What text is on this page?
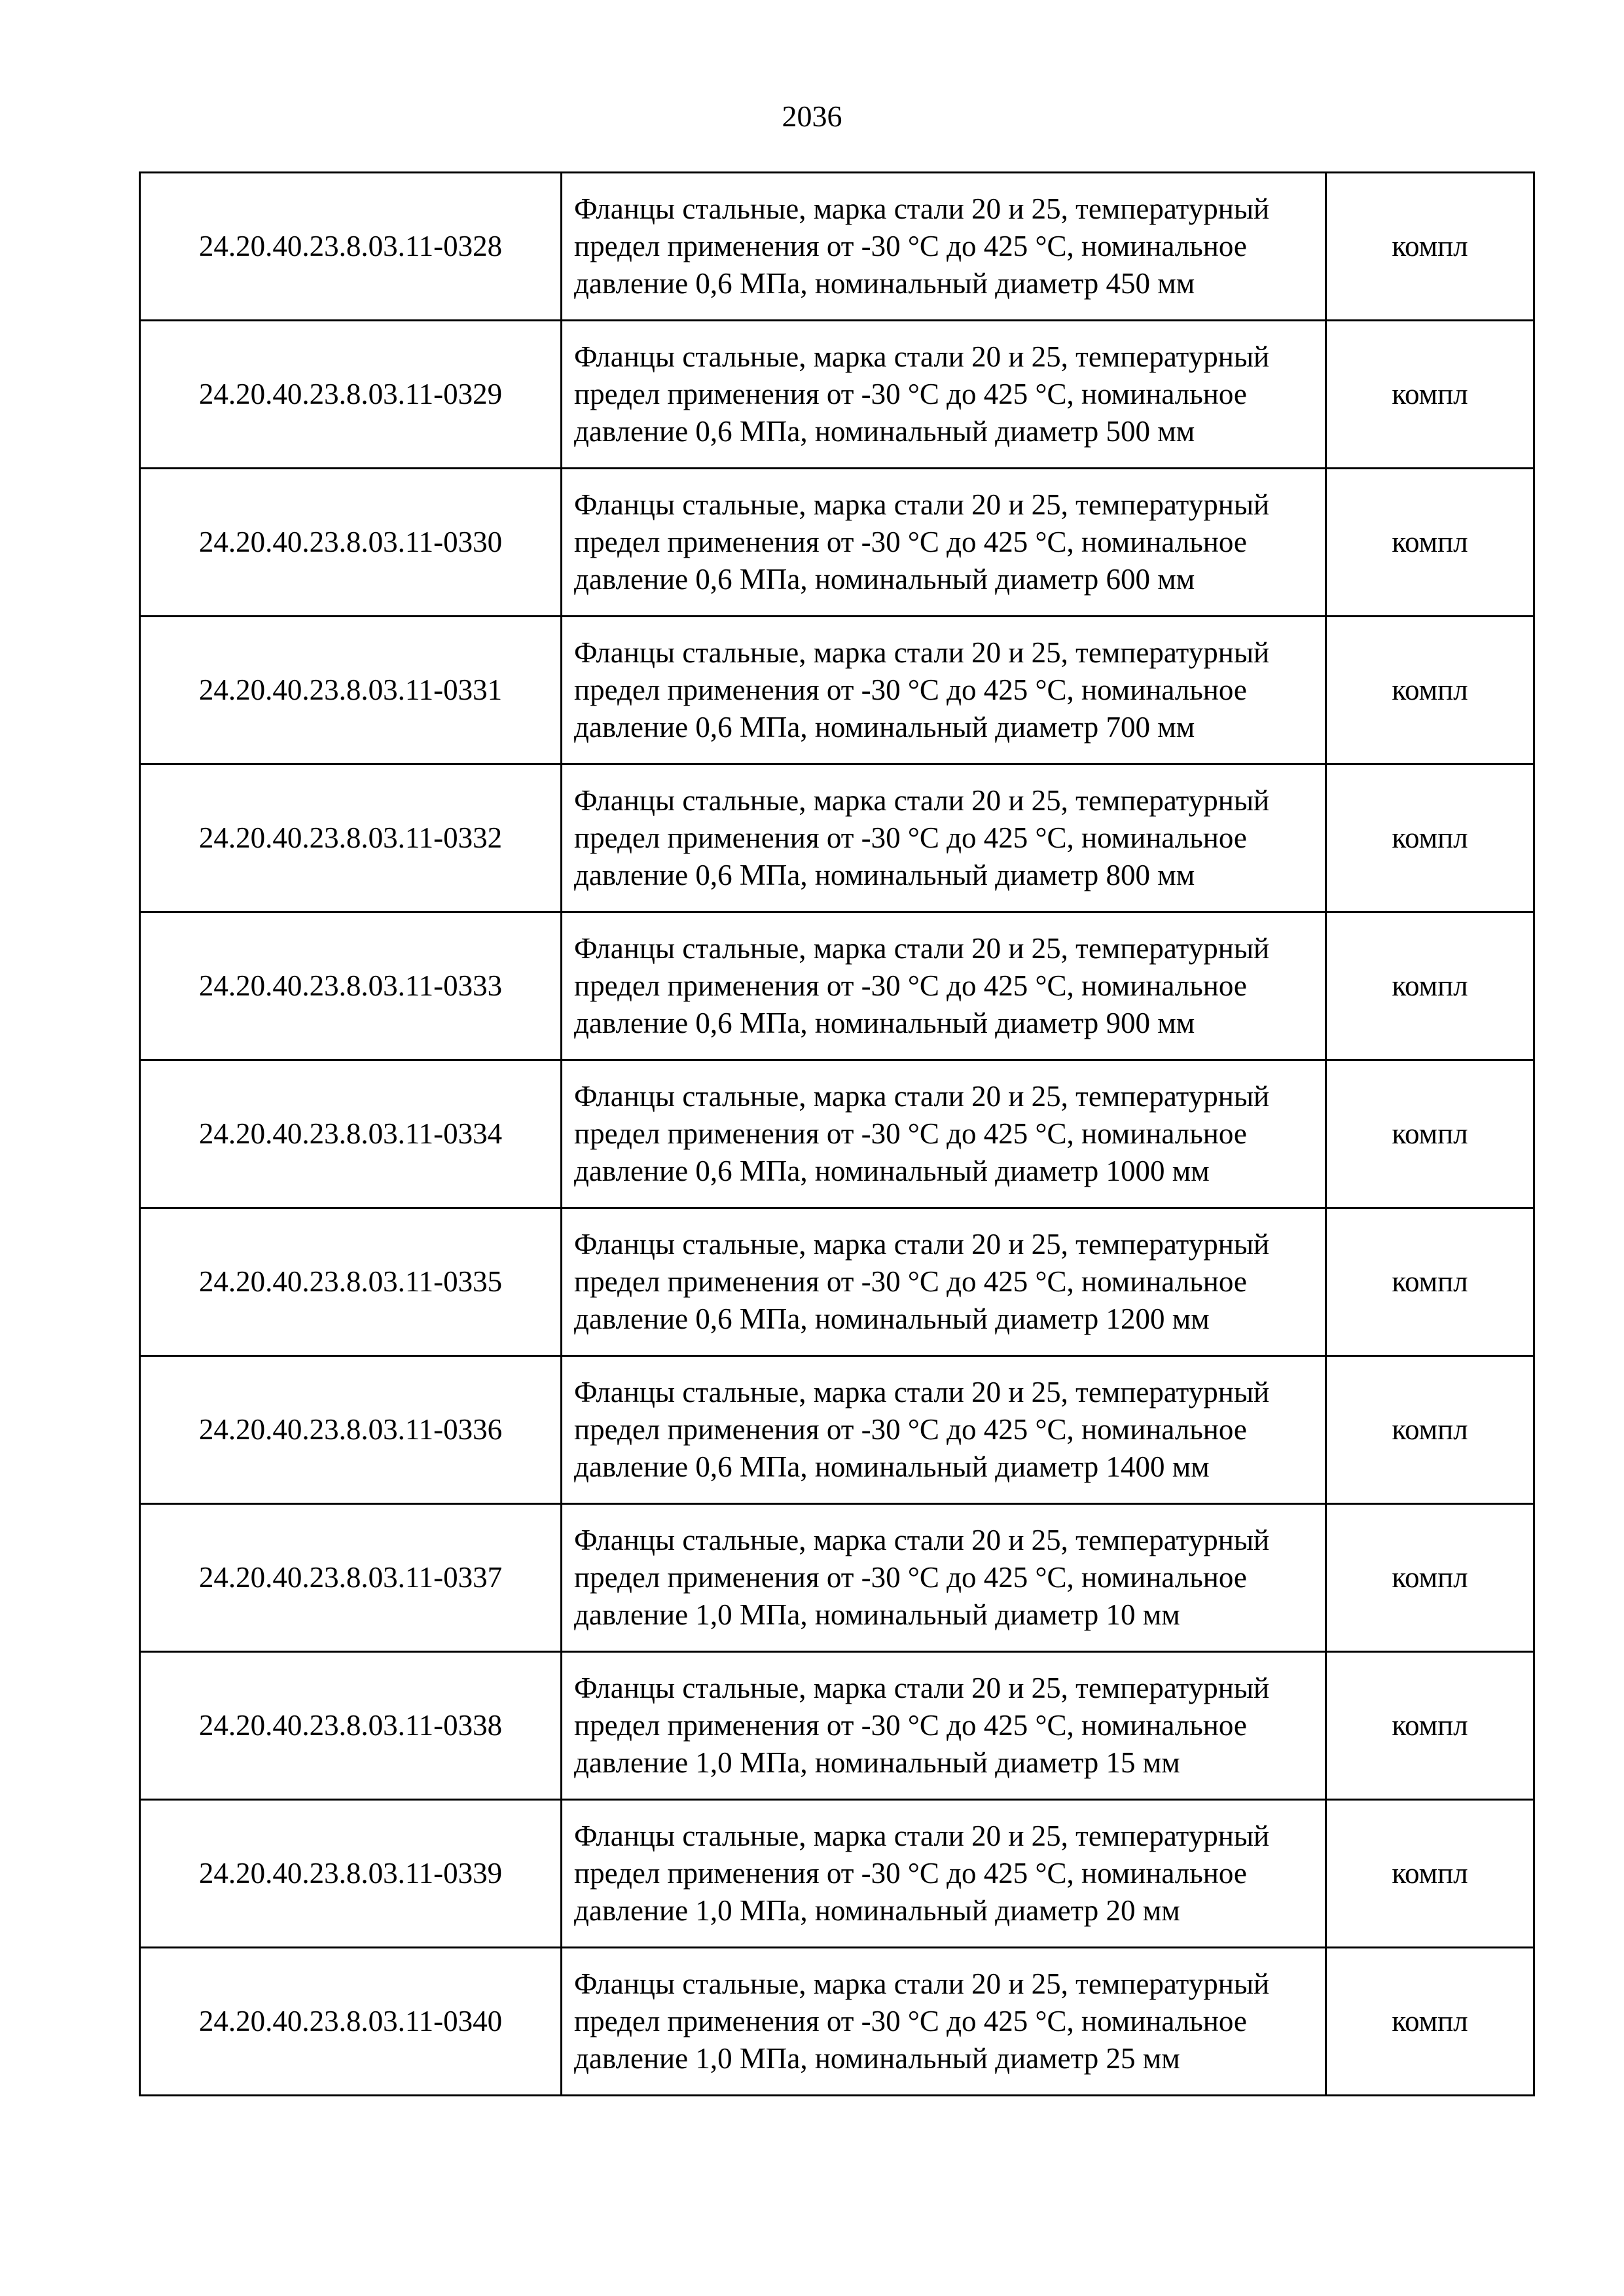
2036
24.20.40.23.8.03.11-0328	Фланцы стальные, марка стали 20 и 25, температурный предел применения от -30 °С до 425 °С, номинальное давление 0,6 МПа, номинальный диаметр 450 мм	компл
24.20.40.23.8.03.11-0329	Фланцы стальные, марка стали 20 и 25, температурный предел применения от -30 °С до 425 °С, номинальное давление 0,6 МПа, номинальный диаметр 500 мм	компл
24.20.40.23.8.03.11-0330	Фланцы стальные, марка стали 20 и 25, температурный предел применения от -30 °С до 425 °С, номинальное давление 0,6 МПа, номинальный диаметр 600 мм	компл
24.20.40.23.8.03.11-0331	Фланцы стальные, марка стали 20 и 25, температурный предел применения от -30 °С до 425 °С, номинальное давление 0,6 МПа, номинальный диаметр 700 мм	компл
24.20.40.23.8.03.11-0332	Фланцы стальные, марка стали 20 и 25, температурный предел применения от -30 °С до 425 °С, номинальное давление 0,6 МПа, номинальный диаметр 800 мм	компл
24.20.40.23.8.03.11-0333	Фланцы стальные, марка стали 20 и 25, температурный предел применения от -30 °С до 425 °С, номинальное давление 0,6 МПа, номинальный диаметр 900 мм	компл
24.20.40.23.8.03.11-0334	Фланцы стальные, марка стали 20 и 25, температурный предел применения от -30 °С до 425 °С, номинальное давление 0,6 МПа, номинальный диаметр 1000 мм	компл
24.20.40.23.8.03.11-0335	Фланцы стальные, марка стали 20 и 25, температурный предел применения от -30 °С до 425 °С, номинальное давление 0,6 МПа, номинальный диаметр 1200 мм	компл
24.20.40.23.8.03.11-0336	Фланцы стальные, марка стали 20 и 25, температурный предел применения от -30 °С до 425 °С, номинальное давление 0,6 МПа, номинальный диаметр 1400 мм	компл
24.20.40.23.8.03.11-0337	Фланцы стальные, марка стали 20 и 25, температурный предел применения от -30 °С до 425 °С, номинальное давление 1,0 МПа, номинальный диаметр 10 мм	компл
24.20.40.23.8.03.11-0338	Фланцы стальные, марка стали 20 и 25, температурный предел применения от -30 °С до 425 °С, номинальное давление 1,0 МПа, номинальный диаметр 15 мм	компл
24.20.40.23.8.03.11-0339	Фланцы стальные, марка стали 20 и 25, температурный предел применения от -30 °С до 425 °С, номинальное давление 1,0 МПа, номинальный диаметр 20 мм	компл
24.20.40.23.8.03.11-0340	Фланцы стальные, марка стали 20 и 25, температурный предел применения от -30 °С до 425 °С, номинальное давление 1,0 МПа, номинальный диаметр 25 мм	компл
